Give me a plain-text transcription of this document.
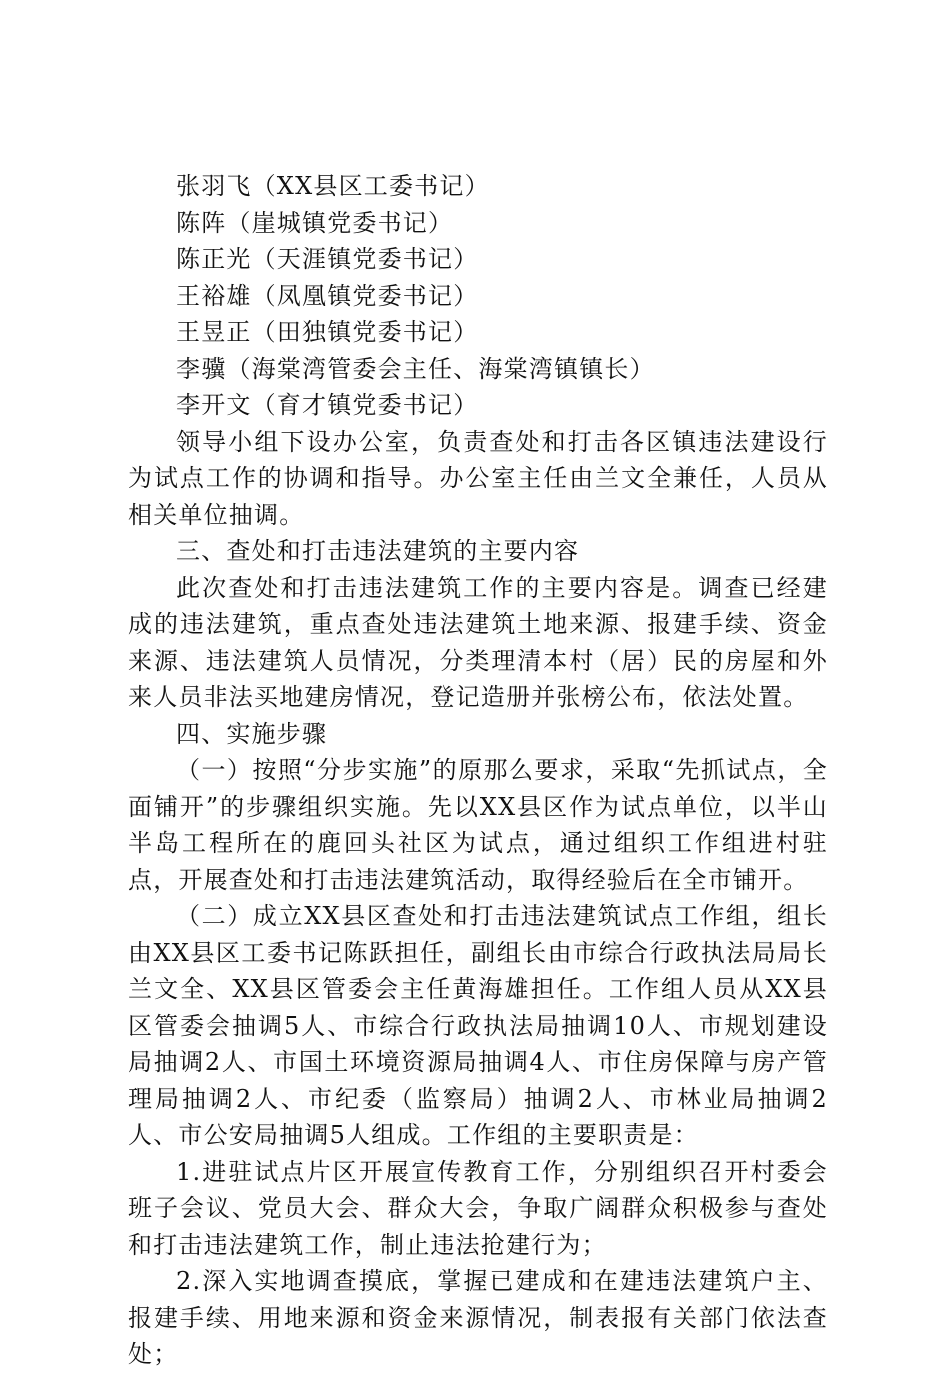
张羽飞（XX县区工委书记）

陈阵（崖城镇党委书记）

陈正光（天涯镇党委书记）

王裕雄（凤凰镇党委书记）

王昱正（田独镇党委书记）

李骥（海棠湾管委会主任、海棠湾镇镇长）

李开文（育才镇党委书记）

领导小组下设办公室，负责查处和打击各区镇违法建设行为试点工作的协调和指导。办公室主任由兰文全兼任，人员从相关单位抽调。

三、查处和打击违法建筑的主要内容

此次查处和打击违法建筑工作的主要内容是。调查已经建成的违法建筑，重点查处违法建筑土地来源、报建手续、资金来源、违法建筑人员情况，分类理清本村（居）民的房屋和外来人员非法买地建房情况，登记造册并张榜公布，依法处置。

四、实施步骤

（一）按照“分步实施”的原那么要求，采取“先抓试点，全面铺开”的步骤组织实施。先以XX县区作为试点单位，以半山半岛工程所在的鹿回头社区为试点，通过组织工作组进村驻点，开展查处和打击违法建筑活动，取得经验后在全市铺开。

（二）成立XX县区查处和打击违法建筑试点工作组，组长由XX县区工委书记陈跃担任，副组长由市综合行政执法局局长兰文全、XX县区管委会主任黄海雄担任。工作组人员从XX县区管委会抽调5人、市综合行政执法局抽调10人、市规划建设局抽调2人、市国土环境资源局抽调4人、市住房保障与房产管理局抽调2人、市纪委（监察局）抽调2人、市林业局抽调2人、市公安局抽调5人组成。工作组的主要职责是：

1.进驻试点片区开展宣传教育工作，分别组织召开村委会班子会议、党员大会、群众大会，争取广阔群众积极参与查处和打击违法建筑工作，制止违法抢建行为；

2.深入实地调查摸底，掌握已建成和在建违法建筑户主、报建手续、用地来源和资金来源情况，制表报有关部门依法查处；
